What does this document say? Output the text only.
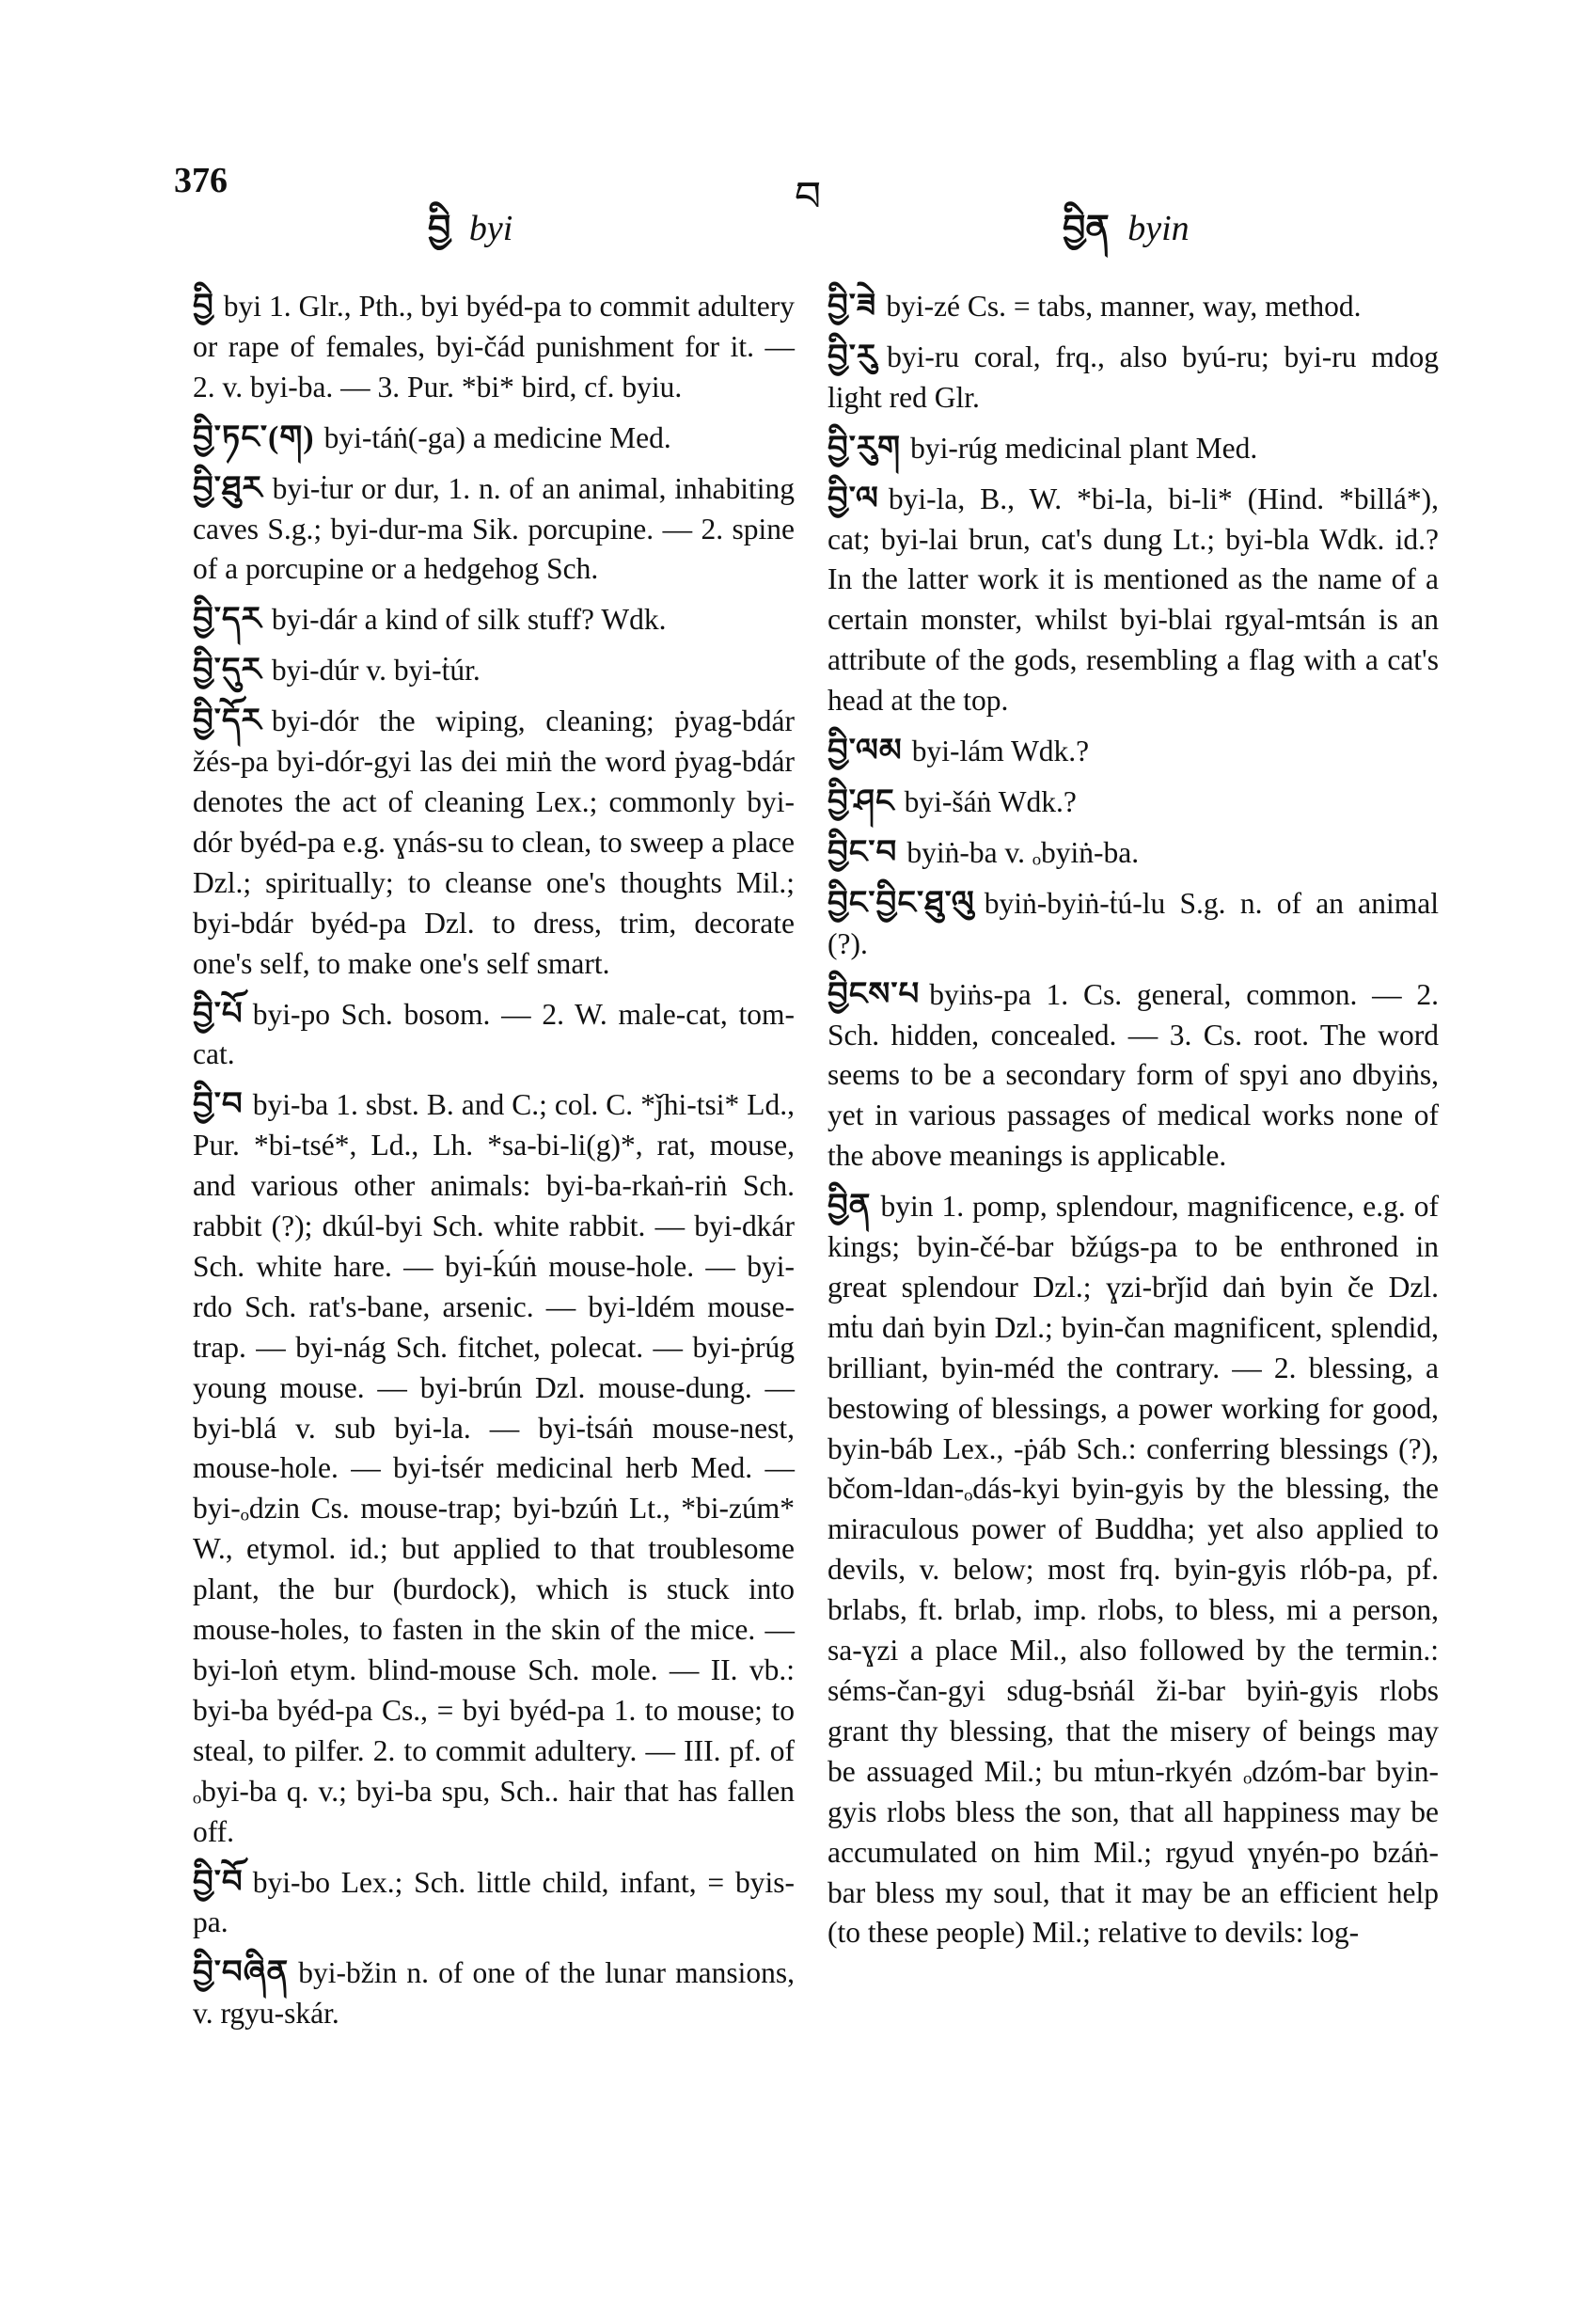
376
བྱི byi
བ
བྱིན byin
བྱི byi 1. Glr., Pth., byi byéd-pa to commit adultery or rape of females, byi-čád punishment for it. — 2. v. byi-ba. — 3. Pur. *bi* bird, cf. byiu.

བྱི་ཏང་(ག) byi-táṅ(-ga) a medicine Med.

བྱི་ཐུར byi-ṫur or dur, 1. n. of an animal, inhabiting caves S.g.; byi-dur-ma Sik. porcupine. — 2. spine of a porcupine or a hedgehog Sch.

བྱི་དར byi-dár a kind of silk stuff? Wdk.

བྱི་དུར byi-dúr v. byi-ṫúr.

བྱི་དོར byi-dór the wiping, cleaning; ṗyag-bdár žés-pa byi-dór-gyi las dei miṅ the word ṗyag-bdár denotes the act of cleaning Lex.; commonly byi-dór byéd-pa e.g. ɣnás-su to clean, to sweep a place Dzl.; spiritually; to cleanse one's thoughts Mil.; byi-bdár byéd-pa Dzl. to dress, trim, decorate one's self, to make one's self smart.

བྱི་པོ byi-po Sch. bosom. — 2. W. male-cat, tom-cat.

བྱི་བ byi-ba 1. sbst. B. and C.; col. C. *ǰhi-tsi* Ld., Pur. *bi-tsé*, Ld., Lh. *sa-bi-li(g)*, rat, mouse, and various other animals: byi-ba-rkaṅ-riṅ Sch. rabbit (?); dkúl-byi Sch. white rabbit. — byi-dkár Sch. white hare. — byi-ḱúṅ mouse-hole. — byi-rdo Sch. rat's-bane, arsenic. — byi-ldém mouse-trap. — byi-nág Sch. fitchet, polecat. — byi-ṗrúg young mouse. — byi-brún Dzl. mouse-dung. — byi-blá v. sub byi-la. — byi-ṫsáṅ mouse-nest, mouse-hole. — byi-ṫsér medicinal herb Med. — byi-ₒdzin Cs. mouse-trap; byi-bzúṅ Lt., *bi-zúm* W., etymol. id.; but applied to that troublesome plant, the bur (burdock), which is stuck into mouse-holes, to fasten in the skin of the mice. — byi-loṅ etym. blind-mouse Sch. mole. — II. vb.: byi-ba byéd-pa Cs., = byi byéd-pa 1. to mouse; to steal, to pilfer. 2. to commit adultery. — III. pf. of ₒbyi-ba q. v.; byi-ba spu, Sch.. hair that has fallen off.

བྱི་བོ byi-bo Lex.; Sch. little child, infant, = byis-pa.

བྱི་བཞིན byi-bžin n. of one of the lunar mansions, v. rgyu-skár.

བྱི་ཟེ byi-zé Cs. = tabs, manner, way, method.

བྱི་རུ byi-ru coral, frq., also byú-ru; byi-ru mdog light red Glr.

བྱི་རུག byi-rúg medicinal plant Med.

བྱི་ལ byi-la, B., W. *bi-la, bi-li* (Hind. *billá*), cat; byi-lai brun, cat's dung Lt.; byi-bla Wdk. id.? In the latter work it is mentioned as the name of a certain monster, whilst byi-blai rgyal-mtsán is an attribute of the gods, resembling a flag with a cat's head at the top.

བྱི་ལམ byi-lám Wdk.?

བྱི་ཤང byi-šáṅ Wdk.?

བྱིང་བ byiṅ-ba v. ₒbyiṅ-ba.

བྱིང་བྱིང་ཐུ་ལུ byiṅ-byiṅ-ṫú-lu S.g. n. of an animal (?).

བྱིངས་པ byiṅs-pa 1. Cs. general, common. — 2. Sch. hidden, concealed. — 3. Cs. root. The word seems to be a secondary form of spyi ano dbyiṅs, yet in various passages of medical works none of the above meanings is applicable.

བྱིན byin 1. pomp, splendour, magnificence, e.g. of kings; byin-čé-bar bžúgs-pa to be enthroned in great splendour Dzl.; ɣzi-brǰid daṅ byin če Dzl. mṫu daṅ byin Dzl.; byin-čan magnificent, splendid, brilliant, byin-méd the contrary. — 2. blessing, a bestowing of blessings, a power working for good, byin-báb Lex., -ṗáb Sch.: conferring blessings (?), bčom-ldan-ₒdás-kyi byin-gyis by the blessing, the miraculous power of Buddha; yet also applied to devils, v. below; most frq. byin-gyis rlób-pa, pf. brlabs, ft. brlab, imp. rlobs, to bless, mi a person, sa-ɣzi a place Mil., also followed by the termin.: séms-čan-gyi sdug-bsṅál ži-bar byiṅ-gyis rlobs grant thy blessing, that the misery of beings may be assuaged Mil.; bu mṫun-rkyén ₒdzóm-bar byin-gyis rlobs bless the son, that all happiness may be accumulated on him Mil.; rgyud ɣnyén-po bzáṅ-bar bless my soul, that it may be an efficient help (to these people) Mil.; relative to devils: log-
